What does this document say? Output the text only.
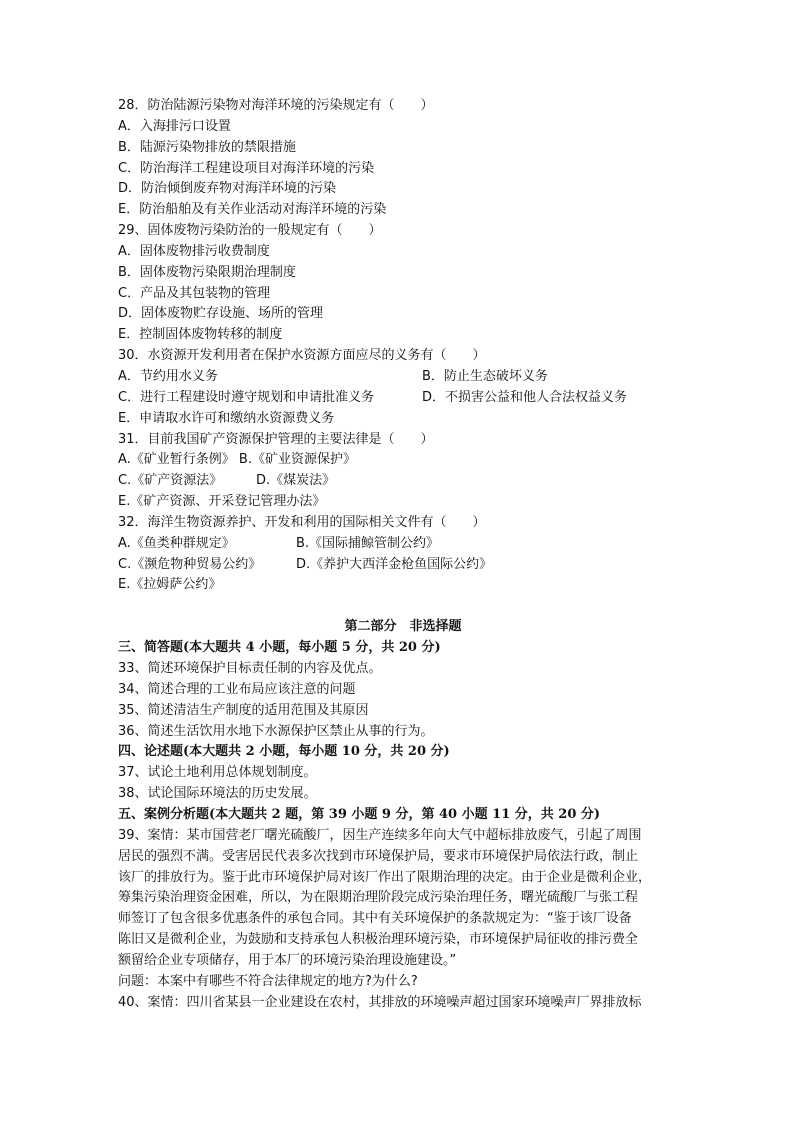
28．防治陆源污染物对海洋环境的污染规定有（　　）
A．入海排污口设置
B．陆源污染物排放的禁限措施
C．防治海洋工程建设项目对海洋环境的污染
D．防治倾倒废弃物对海洋环境的污染
E．防治船舶及有关作业活动对海洋环境的污染
29、固体废物污染防治的一般规定有（　　）
A．固体废物排污收费制度
B．固体废物污染限期治理制度
C．产品及其包装物的管理
D．固体废物贮存设施、场所的管理
E．控制固体废物转移的制度
30．水资源开发利用者在保护水资源方面应尽的义务有（　　）
A．节约用水义务	B．防止生态破坏义务
C．进行工程建设时遵守规划和申请批准义务	D．不损害公益和他人合法权益义务
E．申请取水许可和缴纳水资源费义务
31．目前我国矿产资源保护管理的主要法律是（　　）
A.《矿业暂行条例》 B.《矿业资源保护》
C.《矿产资源法》	D.《煤炭法》
E.《矿产资源、开采登记管理办法》
32．海洋生物资源养护、开发和利用的国际相关文件有（　　）
A.《鱼类种群规定》	B.《国际捕鲸管制公约》
C.《濒危物种贸易公约》	D.《养护大西洋金枪鱼国际公约》
E.《拉姆萨公约》
第二部分　非选择题
三、简答题(本大题共 4 小题，每小题 5 分，共 20 分)
33、简述环境保护目标责任制的内容及优点。
34、简述合理的工业布局应该注意的问题
35、简述清洁生产制度的适用范围及其原因
36、简述生活饮用水地下水源保护区禁止从事的行为。
四、论述题(本大题共 2 小题，每小题 10 分，共 20 分)
37、试论土地利用总体规划制度。
38、试论国际环境法的历史发展。
五、案例分析题(本大题共 2 题，第 39 小题 9 分，第 40 小题 11 分，共 20 分)
39、案情：某市国营老厂曙光硫酸厂，因生产连续多年向大气中超标排放废气，引起了周围
居民的强烈不满。受害居民代表多次找到市环境保护局，要求市环境保护局依法行政，制止
该厂的排放行为。鉴于此市环境保护局对该厂作出了限期治理的决定。由于企业是微利企业，
筹集污染治理资金困难，所以，为在限期治理阶段完成污染治理任务，曙光硫酸厂与张工程
师签订了包含很多优惠条件的承包合同。其中有关环境保护的条款规定为：“鉴于该厂设备
陈旧又是微利企业，为鼓励和支持承包人积极治理环境污染，市环境保护局征收的排污费全
额留给企业专项储存，用于本厂的环境污染治理设施建设。”
问题：本案中有哪些不符合法律规定的地方?为什么?
40、案情：四川省某县一企业建设在农村，其排放的环境噪声超过国家环境噪声厂界排放标
